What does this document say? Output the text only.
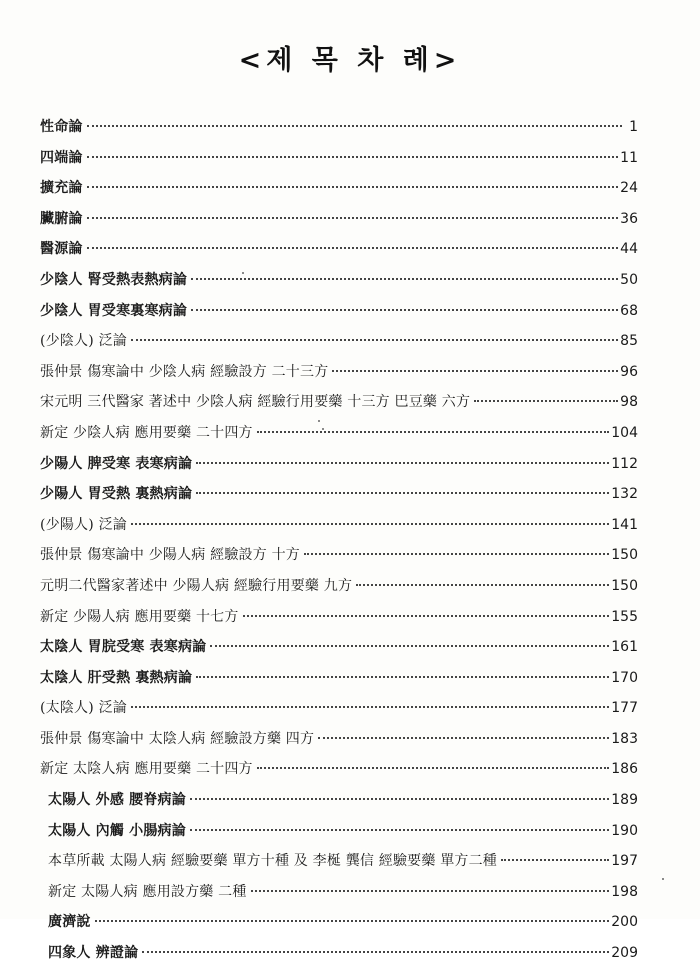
<제 목 차 례>
性命論	1
四端論	11
擴充論	24
臟腑論	36
醫源論	44
少陰人 腎受熱表熱病論	50
少陰人 胃受寒裏寒病論	68
(少陰人) 泛論	85
張仲景 傷寒論中 少陰人病 經驗設方 二十三方	96
宋元明 三代醫家 著述中 少陰人病 經驗行用要藥 十三方 巴豆藥 六方	98
新定 少陰人病 應用要藥 二十四方	104
少陽人 脾受寒 表寒病論	112
少陽人 胃受熱 裏熱病論	132
(少陽人) 泛論	141
張仲景 傷寒論中 少陽人病 經驗設方 十方	150
元明二代醫家著述中 少陽人病 經驗行用要藥 九方	150
新定 少陽人病 應用要藥 十七方	155
太陰人 胃脘受寒 表寒病論	161
太陰人 肝受熱 裏熱病論	170
(太陰人) 泛論	177
張仲景 傷寒論中 太陰人病 經驗設方藥 四方	183
新定 太陰人病 應用要藥 二十四方	186
太陽人 外感 腰脊病論	189
太陽人 內觸 小腸病論	190
本草所載 太陽人病 經驗要藥 單方十種 及 李梴 龔信 經驗要藥 單方二種	197
新定 太陽人病 應用設方藥 二種	198
廣濟說	200
四象人 辨證論	209
